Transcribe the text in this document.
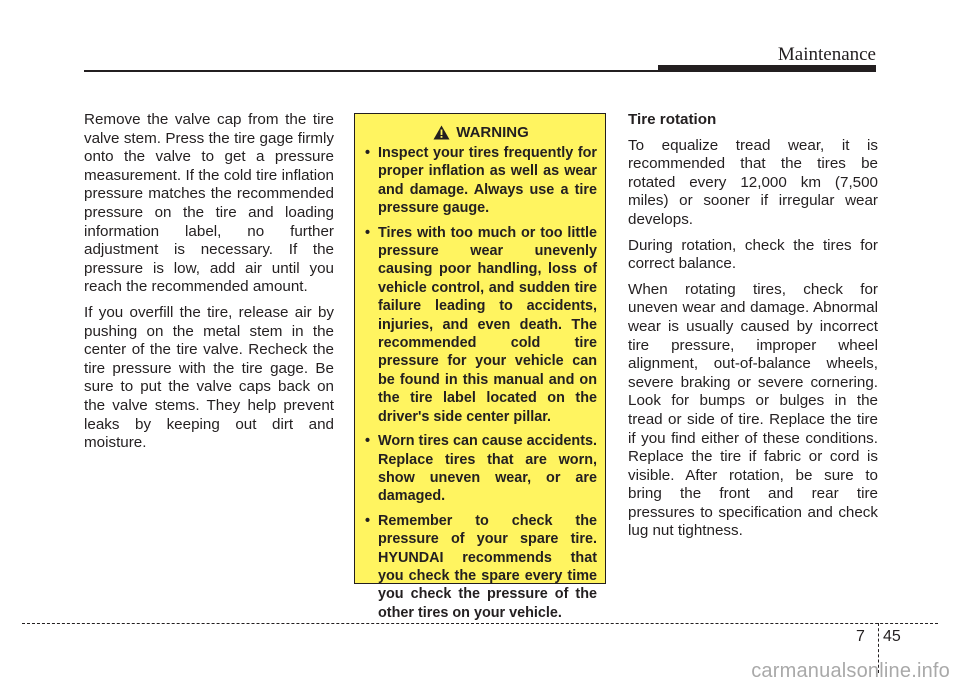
Maintenance

Remove the valve cap from the tire valve stem. Press the tire gage firmly onto the valve to get a pressure measurement. If the cold tire inflation pressure matches the recommended pressure on the tire and loading information label, no further adjustment is necessary. If the pressure is low, add air until you reach the recommended amount.

If you overfill the tire, release air by pushing on the metal stem in the center of the tire valve. Recheck the tire pressure with the tire gage. Be sure to put the valve caps back on the valve stems. They help prevent leaks by keeping out dirt and moisture.

WARNING
• Inspect your tires frequently for proper inflation as well as wear and damage. Always use a tire pressure gauge.
• Tires with too much or too little pressure wear unevenly causing poor handling, loss of vehicle control, and sudden tire failure leading to accidents, injuries, and even death. The recommended cold tire pressure for your vehicle can be found in this manual and on the tire label located on the driver's side center pillar.
• Worn tires can cause accidents. Replace tires that are worn, show uneven wear, or are damaged.
• Remember to check the pressure of your spare tire. HYUNDAI recommends that you check the spare every time you check the pressure of the other tires on your vehicle.
Tire rotation

To equalize tread wear, it is recommended that the tires be rotated every 12,000 km (7,500 miles) or sooner if irregular wear develops.

During rotation, check the tires for correct balance.

When rotating tires, check for uneven wear and damage. Abnormal wear is usually caused by incorrect tire pressure, improper wheel alignment, out-of-balance wheels, severe braking or severe cornering. Look for bumps or bulges in the tread or side of tire. Replace the tire if you find either of these conditions. Replace the tire if fabric or cord is visible. After rotation, be sure to bring the front and rear tire pressures to specification and check lug nut tightness.

7 45
carmanualsonline.info
